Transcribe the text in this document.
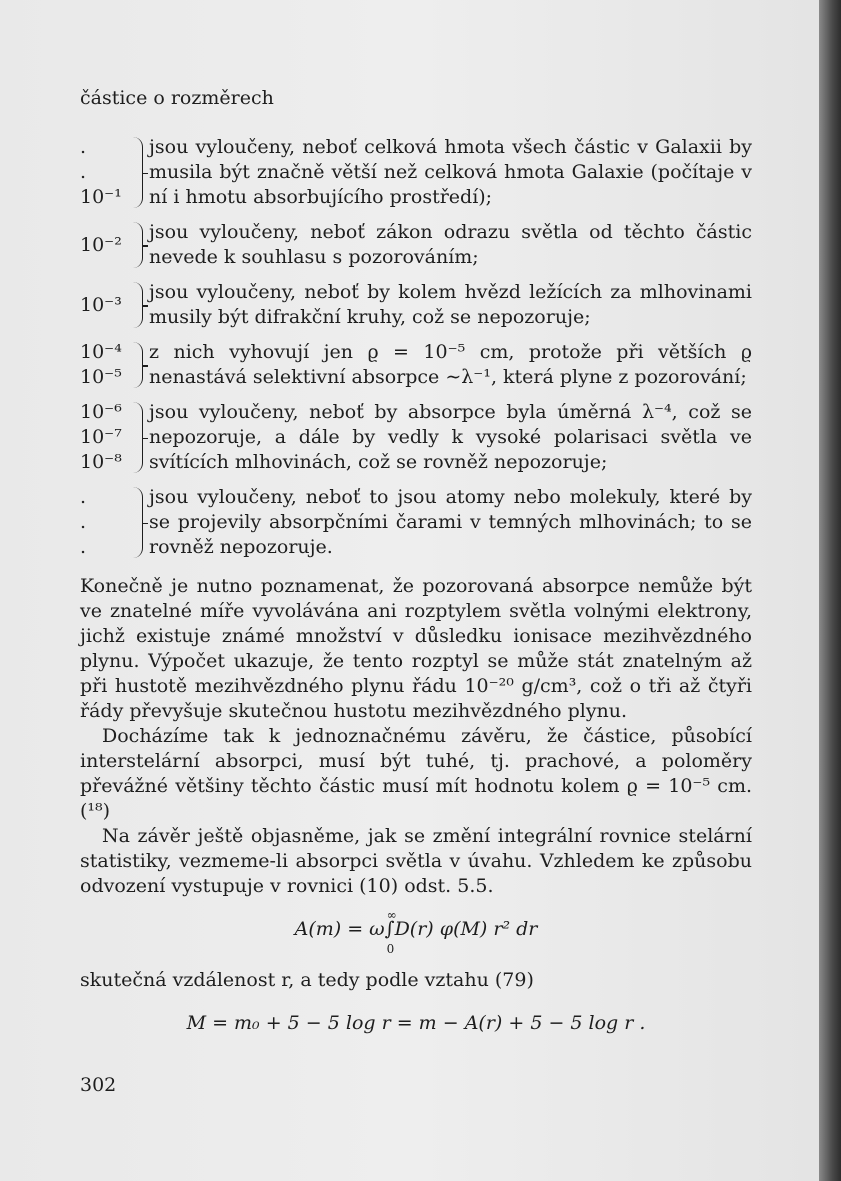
částice o rozměrech
.
.
10⁻¹
jsou vyloučeny, neboť celková hmota všech částic v Galaxii by musila být značně větší než celková hmota Galaxie (počítaje v ní i hmotu absorbujícího prostředí);
10⁻²
jsou vyloučeny, neboť zákon odrazu světla od těchto částic nevede k souhlasu s pozorováním;
10⁻³
jsou vyloučeny, neboť by kolem hvězd ležících za mlhovinami musily být difrakční kruhy, což se nepozoruje;
10⁻⁴
10⁻⁵
z nich vyhovují jen ϱ = 10⁻⁵ cm, protože při větších ϱ nenastává selektivní absorpce ∼λ⁻¹, která plyne z pozorování;
10⁻⁶
10⁻⁷
10⁻⁸
jsou vyloučeny, neboť by absorpce byla úměrná λ⁻⁴, což se nepozoruje, a dále by vedly k vysoké polarisaci světla ve svítících mlhovinách, což se rovněž nepozoruje;
.
.
.
jsou vyloučeny, neboť to jsou atomy nebo molekuly, které by se projevily absorpčními čarami v temných mlhovinách; to se rovněž nepozoruje.

Konečně je nutno poznamenat, že pozorovaná absorpce nemůže být ve znatelné míře vyvolávána ani rozptylem světla volnými elektrony, jichž existuje známé množství v důsledku ionisace mezihvězdného plynu. Výpočet ukazuje, že tento rozptyl se může stát znatelným až při hustotě mezihvězdného plynu řádu 10⁻²⁰ g/cm³, což o tři až čtyři řády převyšuje skutečnou hustotu mezihvězdného plynu.

Docházíme tak k jednoznačnému závěru, že částice, působící interstelární absorpci, musí být tuhé, tj. prachové, a poloměry převážné většiny těchto částic musí mít hodnotu kolem ϱ = 10⁻⁵ cm.(¹⁸)

Na závěr ještě objasněme, jak se změní integrální rovnice stelární statistiky, vezmeme-li absorpci světla v úvahu. Vzhledem ke způsobu odvození vystupuje v rovnici (10) odst. 5.5.

A(m) = ω∫
∞
0
D(r) φ(M) r² dr

skutečná vzdálenost r, a tedy podle vztahu (79)

M = m₀ + 5 − 5 log r = m − A(r) + 5 − 5 log r .
302
